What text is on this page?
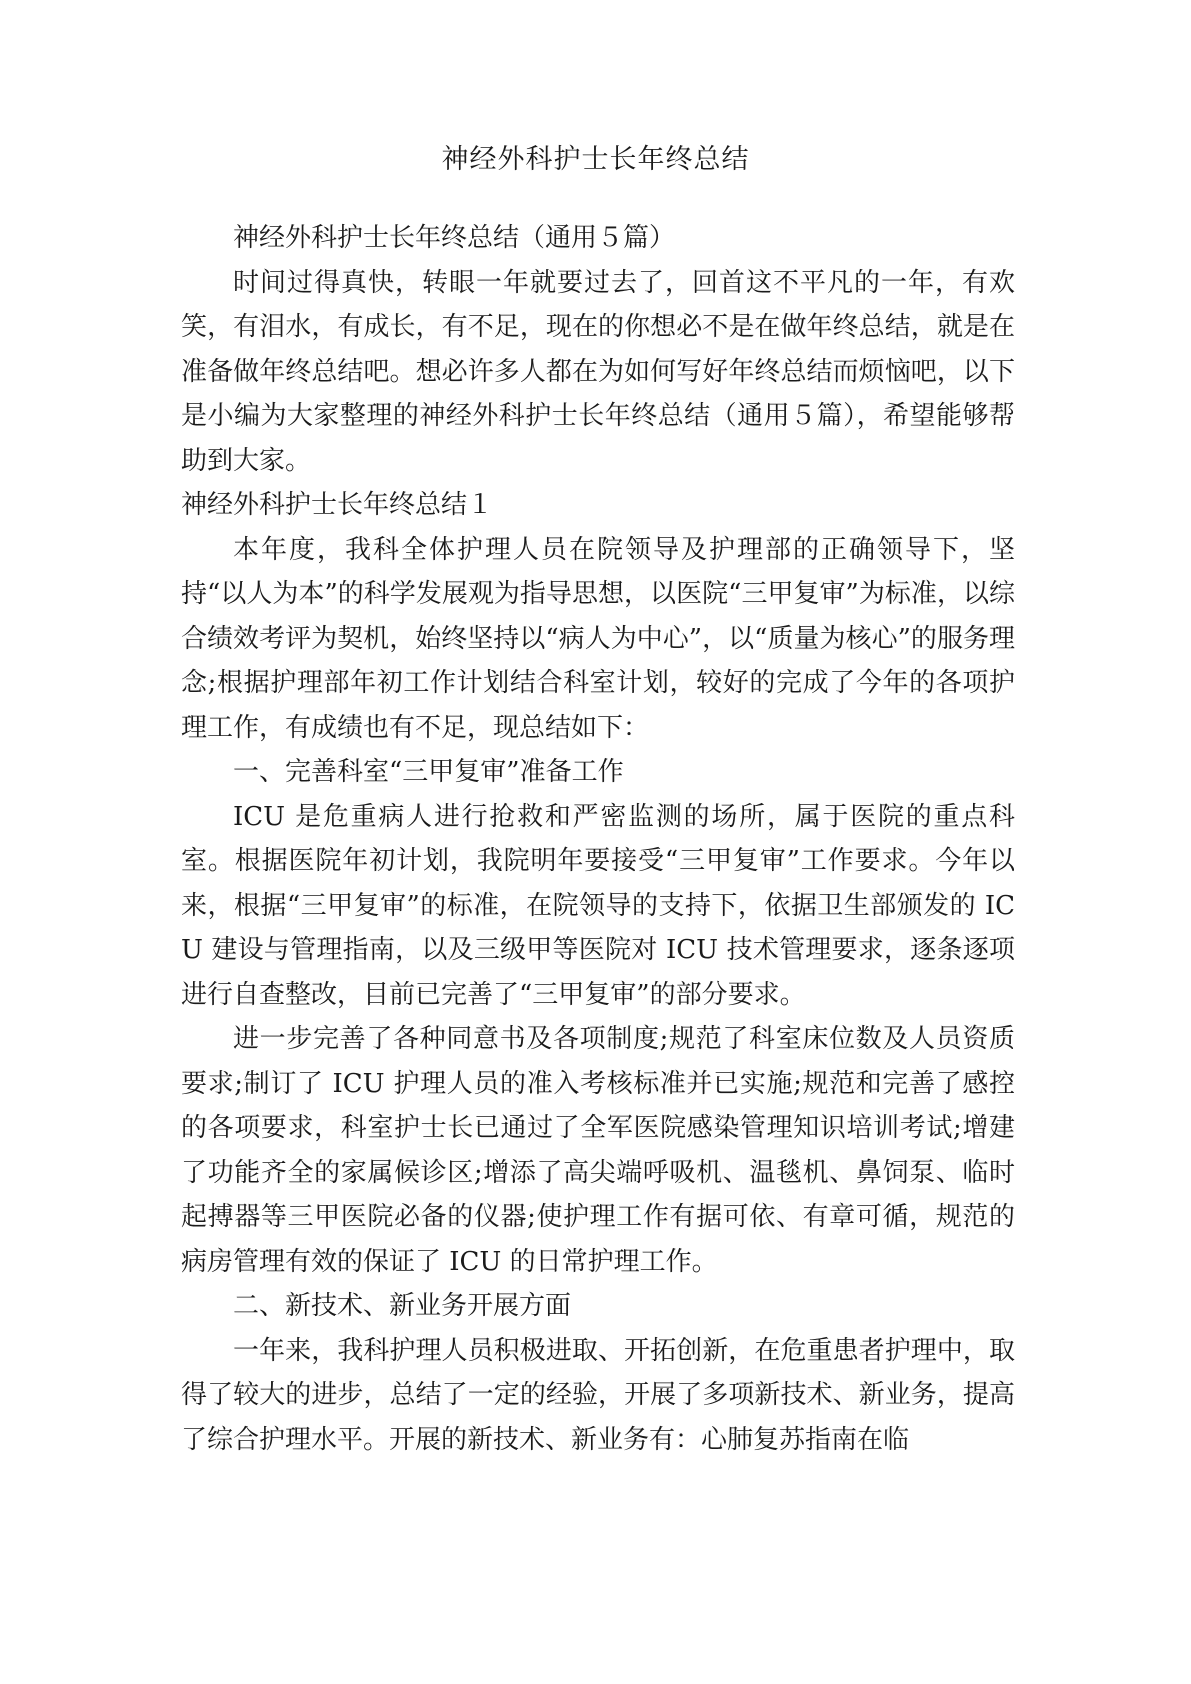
神经外科护士长年终总结

神经外科护士长年终总结（通用５篇）

时间过得真快，转眼一年就要过去了，回首这不平凡的一年，有欢笑，有泪水，有成长，有不足，现在的你想必不是在做年终总结，就是在准备做年终总结吧。想必许多人都在为如何写好年终总结而烦恼吧，以下是小编为大家整理的神经外科护士长年终总结（通用５篇），希望能够帮助到大家。

神经外科护士长年终总结１

本年度，我科全体护理人员在院领导及护理部的正确领导下，坚持“以人为本”的科学发展观为指导思想，以医院“三甲复审”为标准，以综合绩效考评为契机，始终坚持以“病人为中心”，以“质量为核心”的服务理念;根据护理部年初工作计划结合科室计划，较好的完成了今年的各项护理工作，有成绩也有不足，现总结如下：

一、完善科室“三甲复审”准备工作

ICU 是危重病人进行抢救和严密监测的场所，属于医院的重点科室。根据医院年初计划，我院明年要接受“三甲复审”工作要求。今年以来，根据“三甲复审”的标准，在院领导的支持下，依据卫生部颁发的 ICU 建设与管理指南，以及三级甲等医院对 ICU 技术管理要求，逐条逐项进行自查整改，目前已完善了“三甲复审”的部分要求。

进一步完善了各种同意书及各项制度;规范了科室床位数及人员资质要求;制订了 ICU 护理人员的准入考核标准并已实施;规范和完善了感控的各项要求，科室护士长已通过了全军医院感染管理知识培训考试;增建了功能齐全的家属候诊区;增添了高尖端呼吸机、温毯机、鼻饲泵、临时起搏器等三甲医院必备的仪器;使护理工作有据可依、有章可循，规范的病房管理有效的保证了 ICU 的日常护理工作。

二、新技术、新业务开展方面

一年来，我科护理人员积极进取、开拓创新，在危重患者护理中，取得了较大的进步，总结了一定的经验，开展了多项新技术、新业务，提高了综合护理水平。开展的新技术、新业务有：心肺复苏指南在临
